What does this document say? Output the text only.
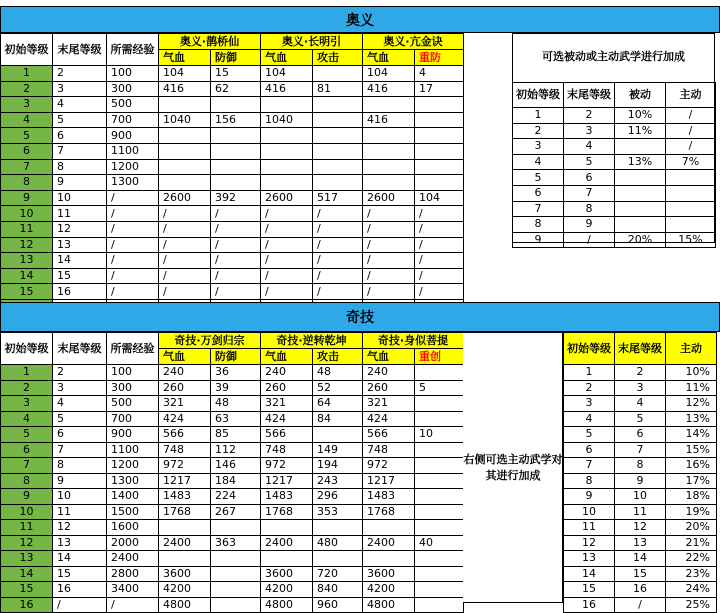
奥义
初始等级	末尾等级	所需经验	奥义·鹊桥仙		奥义·长明引		奥义·亢金诀	
			气血	防御	气血	攻击	气血	重防
1	2	100	104	15	104		104	4
2	3	300	416	62	416	81	416	17
3	4	500						
4	5	700	1040	156	1040		416	
5	6	900						
6	7	1100						
7	8	1200						
8	9	1300						
9	10	/	2600	392	2600	517	2600	104
10	11	/	/	/	/	/	/	/
11	12	/	/	/	/	/	/	/
12	13	/	/	/	/	/	/	/
13	14	/	/	/	/	/	/	/
14	15	/	/	/	/	/	/	/
15	16	/	/	/	/	/	/	/

可选被动或主动武学进行加成
初始等级	末尾等级	被动	主动
1	2	10%	/
2	3	11%	/
3	4		/
4	5	13%	7%
5	6		
6	7		
7	8		
8	9		
9	/	20%	15%
奇技
初始等级	末尾等级	所需经验	奇技·万剑归宗		奇技·逆转乾坤		奇技·身似菩提	
			气血	防御	气血	攻击	气血	重创
1	2	100	240	36	240	48	240	
2	3	300	260	39	260	52	260	5
3	4	500	321	48	321	64	321	
4	5	700	424	63	424	84	424	
5	6	900	566	85	566		566	10
6	7	1100	748	112	748	149	748	
7	8	1200	972	146	972	194	972	
8	9	1300	1217	184	1217	243	1217	
9	10	1400	1483	224	1483	296	1483	
10	11	1500	1768	267	1768	353	1768	
11	12	1600						
12	13	2000	2400	363	2400	480	2400	40
13	14	2400						
14	15	2800	3600		3600	720	3600	
15	16	3400	4200		4200	840	4200	
16	/	/	4800		4800	960	4800	
右侧可选主动武学对其进行加成
初始等级	末尾等级	主动
1	2	10%
2	3	11%
3	4	12%
4	5	13%
5	6	14%
6	7	15%
7	8	16%
8	9	17%
9	10	18%
10	11	19%
11	12	20%
12	13	21%
13	14	22%
14	15	23%
15	16	24%
16	/	25%
